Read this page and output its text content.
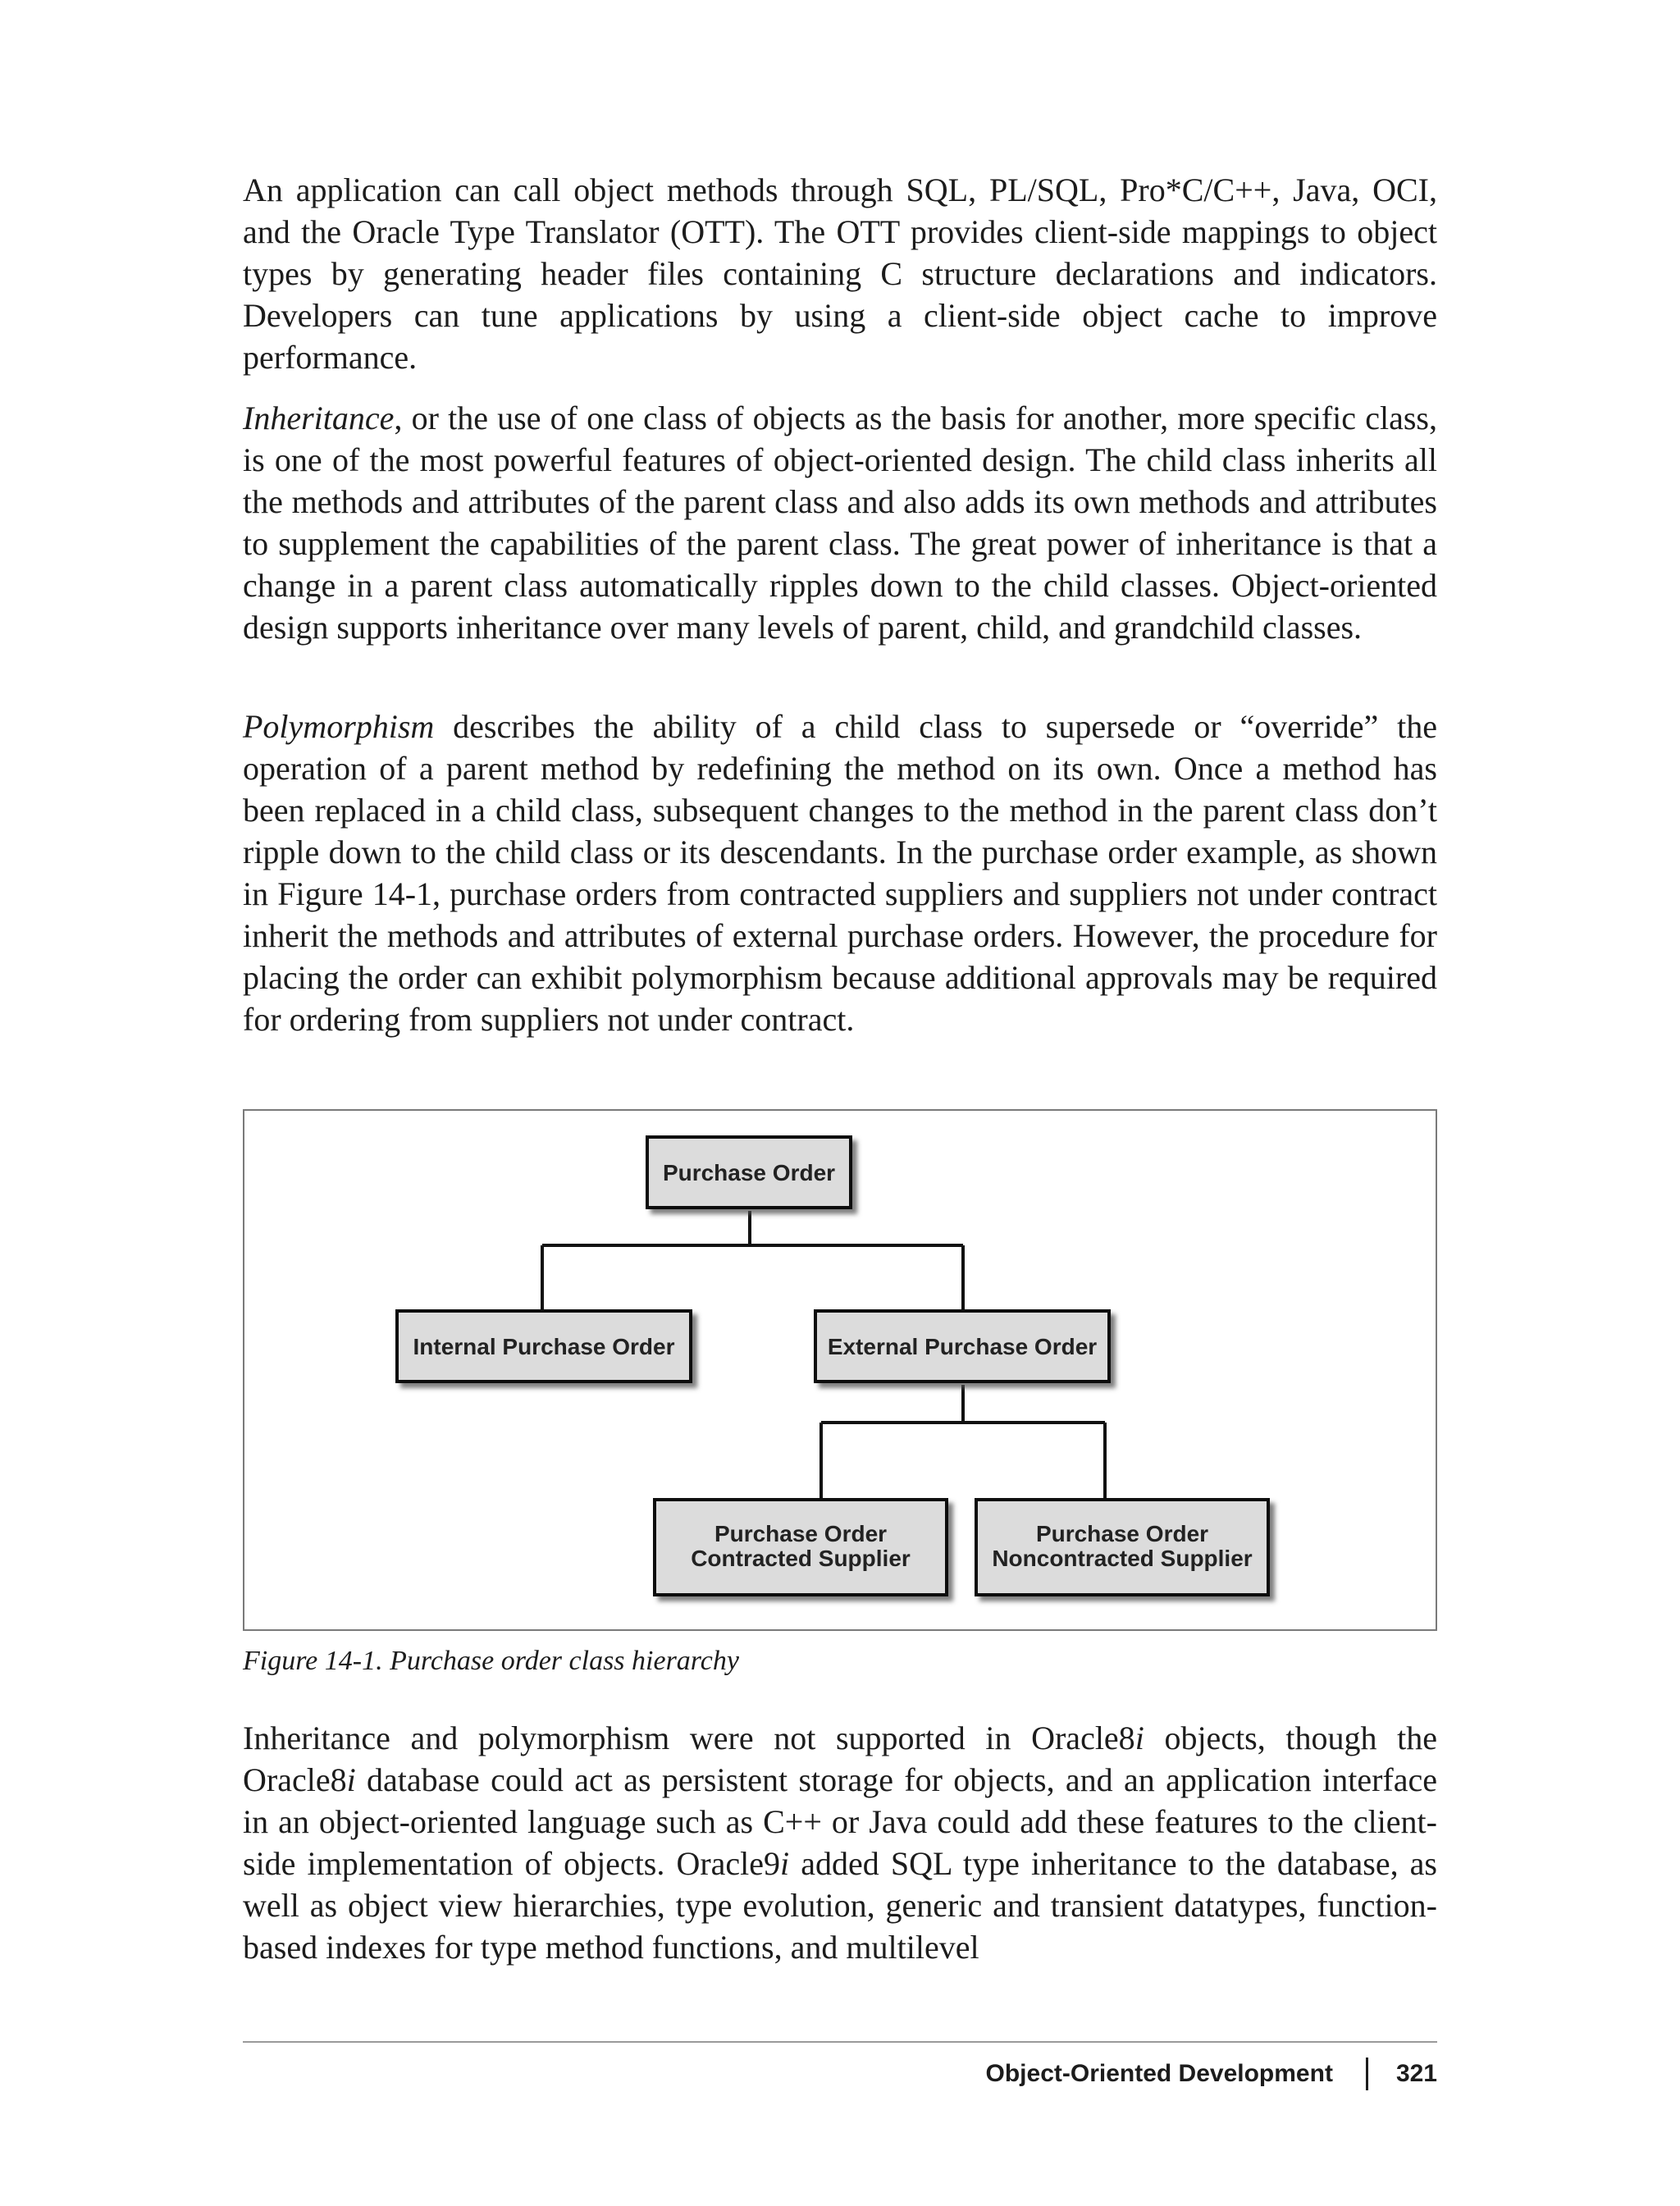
An application can call object methods through SQL, PL/SQL, Pro*C/C++, Java, OCI, and the Oracle Type Translator (OTT). The OTT provides client-side mappings to object types by generating header files containing C structure declarations and indicators. Developers can tune applications by using a client-side object cache to improve performance.

Inheritance, or the use of one class of objects as the basis for another, more specific class, is one of the most powerful features of object-oriented design. The child class inherits all the methods and attributes of the parent class and also adds its own methods and attributes to supplement the capabilities of the parent class. The great power of inheritance is that a change in a parent class automatically ripples down to the child classes. Object-oriented design supports inheritance over many levels of parent, child, and grandchild classes.

Polymorphism describes the ability of a child class to supersede or “override” the operation of a parent method by redefining the method on its own. Once a method has been replaced in a child class, subsequent changes to the method in the parent class don’t ripple down to the child class or its descendants. In the purchase order example, as shown in Figure 14-1, purchase orders from contracted suppliers and suppliers not under contract inherit the methods and attributes of external purchase orders. However, the procedure for placing the order can exhibit polymorphism because additional approvals may be required for ordering from suppliers not under contract.

Purchase Order
Internal Purchase Order	External Purchase Order
Purchase Order
Contracted Supplier
Purchase Order
Noncontracted Supplier
Figure 14-1. Purchase order class hierarchy

Inheritance and polymorphism were not supported in Oracle8i objects, though the Oracle8i database could act as persistent storage for objects, and an application interface in an object-oriented language such as C++ or Java could add these features to the client-side implementation of objects. Oracle9i added SQL type inheritance to the database, as well as object view hierarchies, type evolution, generic and transient datatypes, function-based indexes for type method functions, and multilevel

Object-Oriented Development	321
